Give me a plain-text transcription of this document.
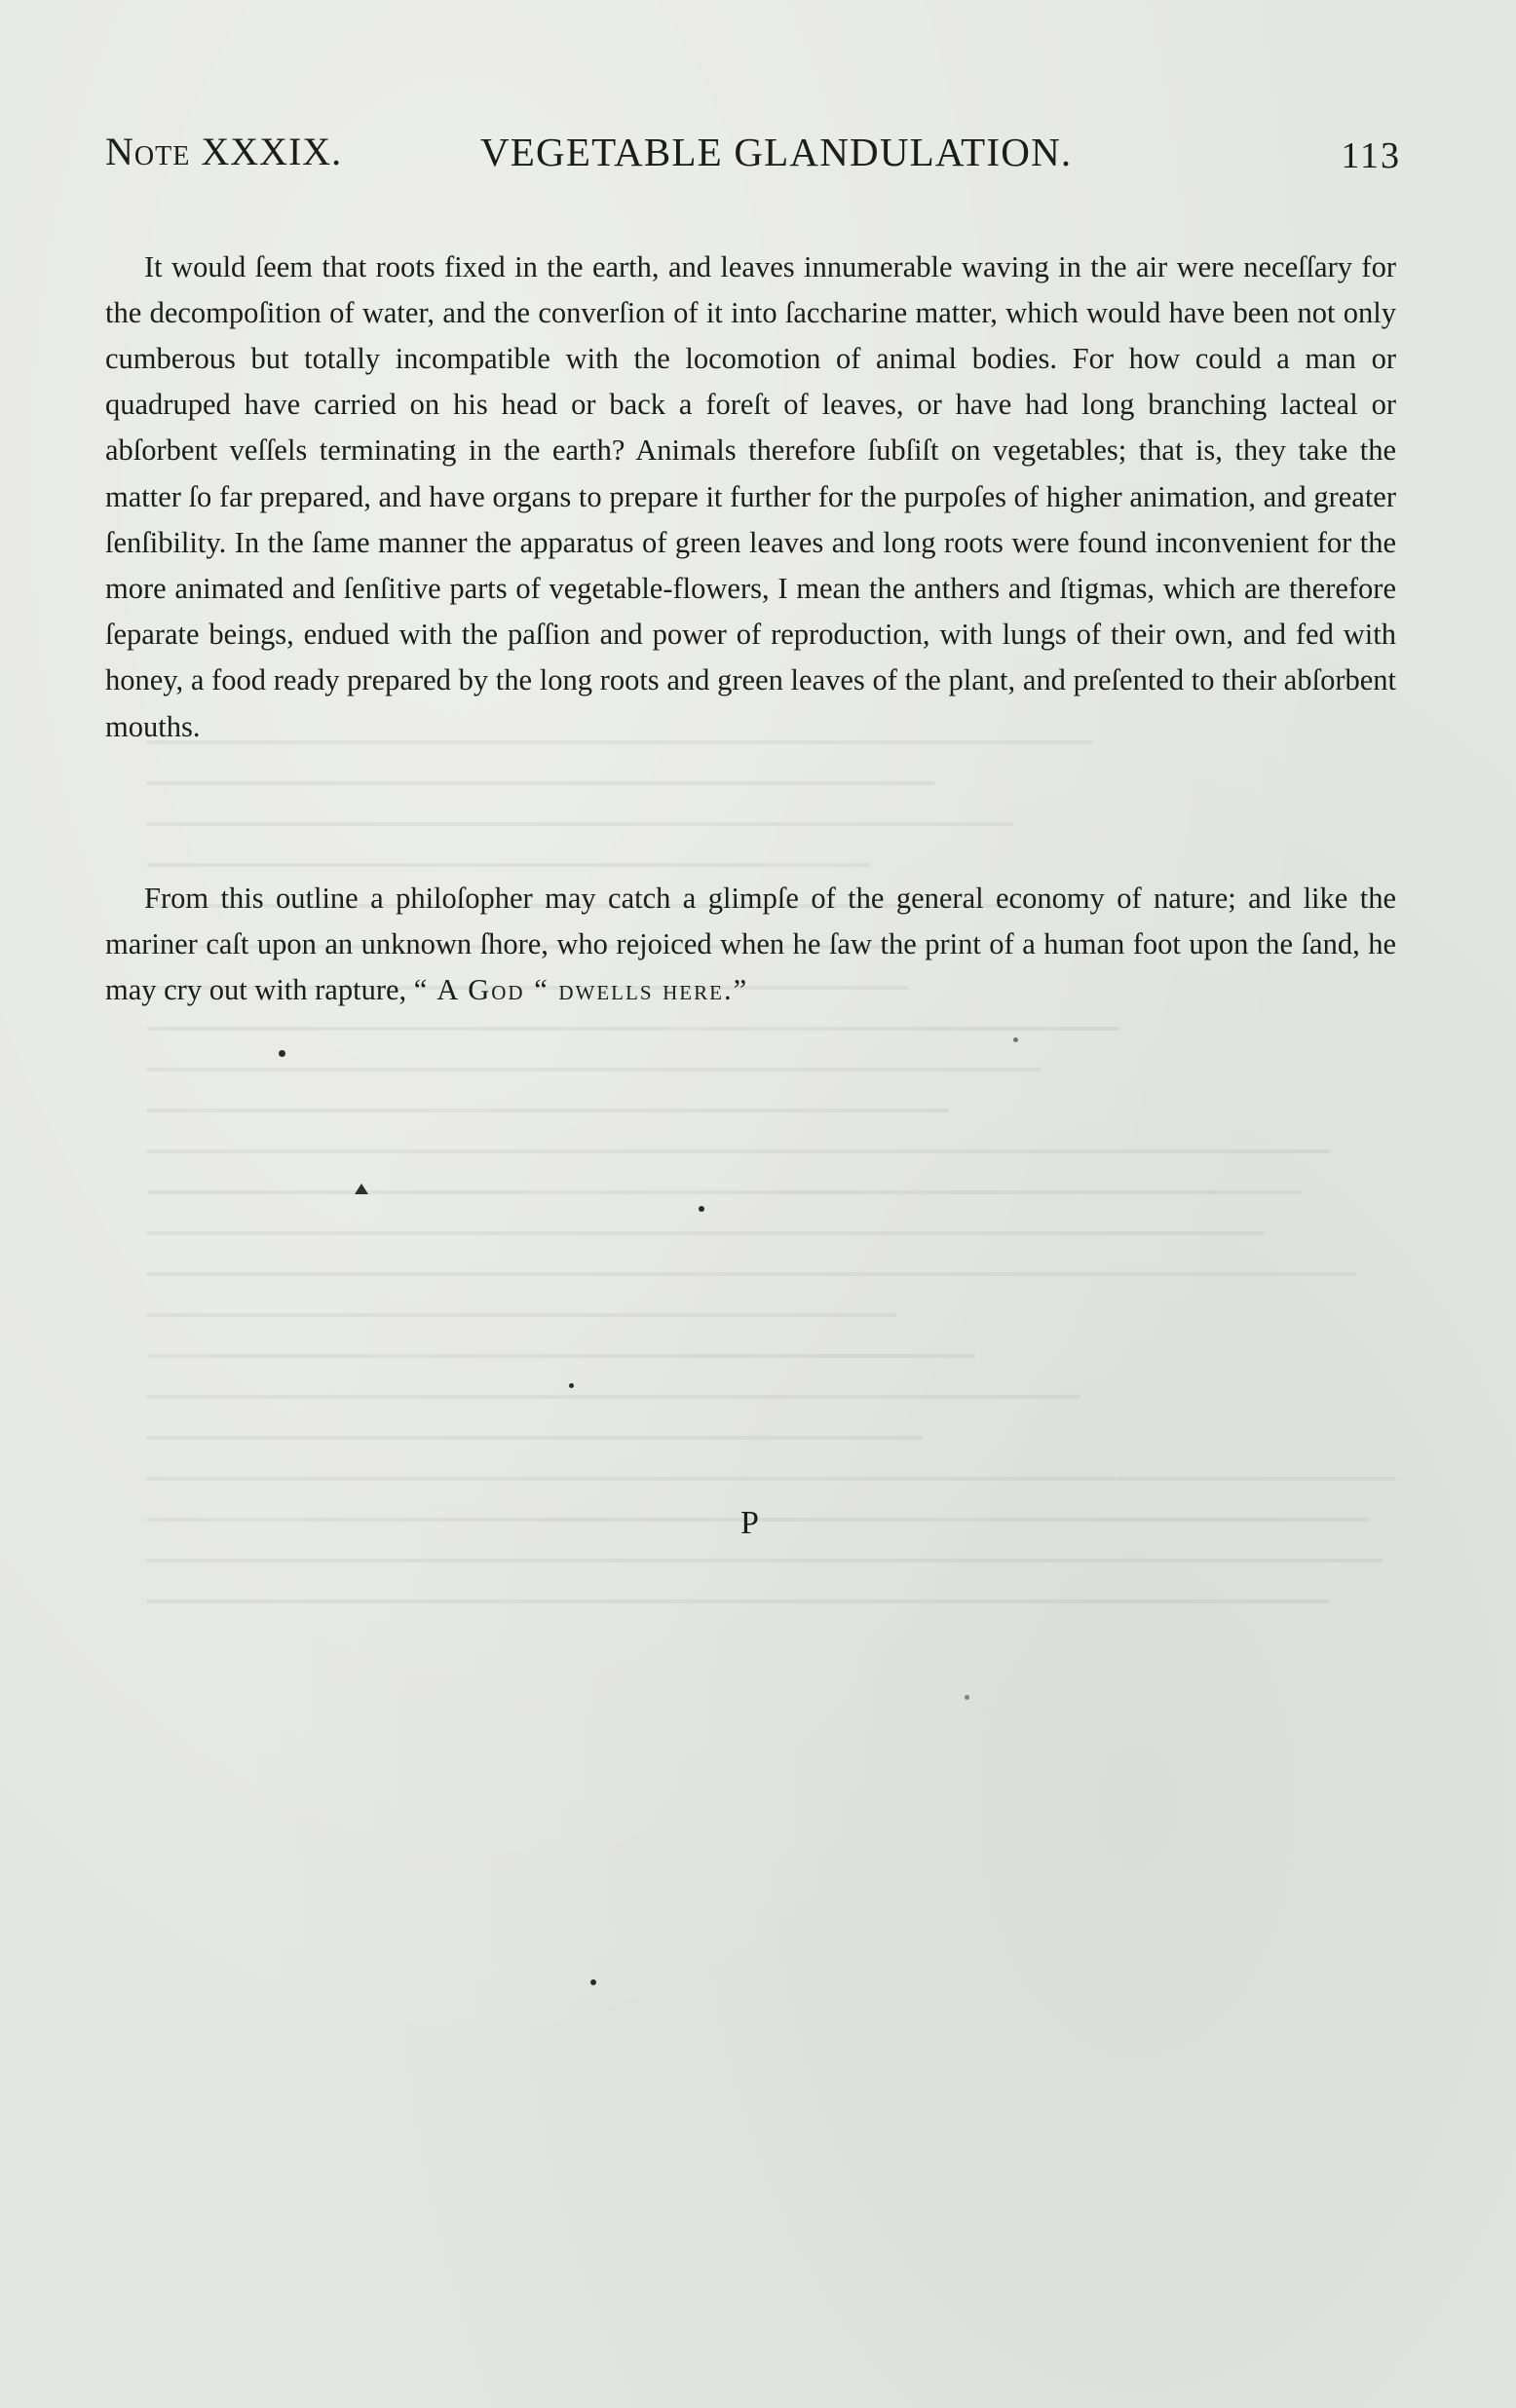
Note XXXIX.	VEGETABLE GLANDULATION.	113

It would ſeem that roots fixed in the earth, and leaves innumerable waving in the air were neceſſary for the decompoſition of water, and the converſion of it into ſaccharine matter, which would have been not only cumberous but totally incompatible with the locomotion of animal bodies. For how could a man or quadruped have carried on his head or back a foreſt of leaves, or have had long branching lacteal or abſorbent veſſels terminating in the earth? Animals therefore ſubſiſt on vegetables; that is, they take the matter ſo far prepared, and have organs to prepare it further for the purpoſes of higher animation, and greater ſenſibility. In the ſame manner the apparatus of green leaves and long roots were found inconvenient for the more animated and ſenſitive parts of vegetable-flowers, I mean the anthers and ſtigmas, which are therefore ſeparate beings, endued with the paſſion and power of reproduction, with lungs of their own, and fed with honey, a food ready prepared by the long roots and green leaves of the plant, and preſented to their abſorbent mouths.

From this outline a philoſopher may catch a glimpſe of the general economy of nature; and like the mariner caſt upon an unknown ſhore, who rejoiced when he ſaw the print of a human foot upon the ſand, he may cry out with rapture, “ A God “ dwells here.”

P
